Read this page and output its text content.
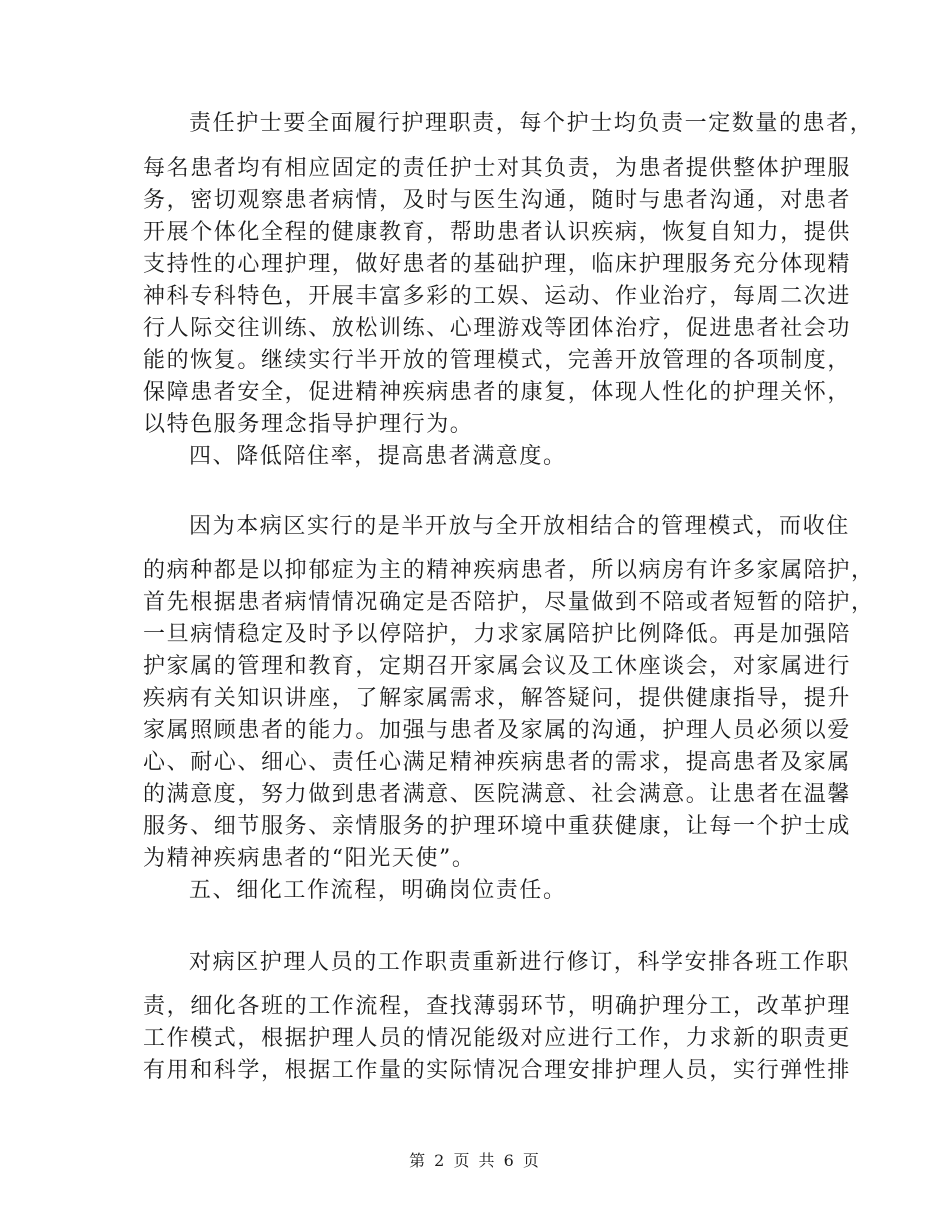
责任护士要全面履行护理职责，每个护士均负责一定数量的患者，
每名患者均有相应固定的责任护士对其负责，为患者提供整体护理服
务，密切观察患者病情，及时与医生沟通，随时与患者沟通，对患者
开展个体化全程的健康教育，帮助患者认识疾病，恢复自知力，提供
支持性的心理护理，做好患者的基础护理，临床护理服务充分体现精
神科专科特色，开展丰富多彩的工娱、运动、作业治疗，每周二次进
行人际交往训练、放松训练、心理游戏等团体治疗，促进患者社会功
能的恢复。继续实行半开放的管理模式，完善开放管理的各项制度，
保障患者安全，促进精神疾病患者的康复，体现人性化的护理关怀，
以特色服务理念指导护理行为。
四、降低陪住率，提高患者满意度。
因为本病区实行的是半开放与全开放相结合的管理模式，而收住
的病种都是以抑郁症为主的精神疾病患者，所以病房有许多家属陪护，
首先根据患者病情情况确定是否陪护，尽量做到不陪或者短暂的陪护，
一旦病情稳定及时予以停陪护，力求家属陪护比例降低。再是加强陪
护家属的管理和教育，定期召开家属会议及工休座谈会，对家属进行
疾病有关知识讲座，了解家属需求，解答疑问，提供健康指导，提升
家属照顾患者的能力。加强与患者及家属的沟通，护理人员必须以爱
心、耐心、细心、责任心满足精神疾病患者的需求，提高患者及家属
的满意度，努力做到患者满意、医院满意、社会满意。让患者在温馨
服务、细节服务、亲情服务的护理环境中重获健康，让每一个护士成
为精神疾病患者的“阳光天使”。
五、细化工作流程，明确岗位责任。
对病区护理人员的工作职责重新进行修订，科学安排各班工作职
责，细化各班的工作流程，查找薄弱环节，明确护理分工，改革护理
工作模式，根据护理人员的情况能级对应进行工作，力求新的职责更
有用和科学，根据工作量的实际情况合理安排护理人员，实行弹性排
第 2 页 共 6 页
